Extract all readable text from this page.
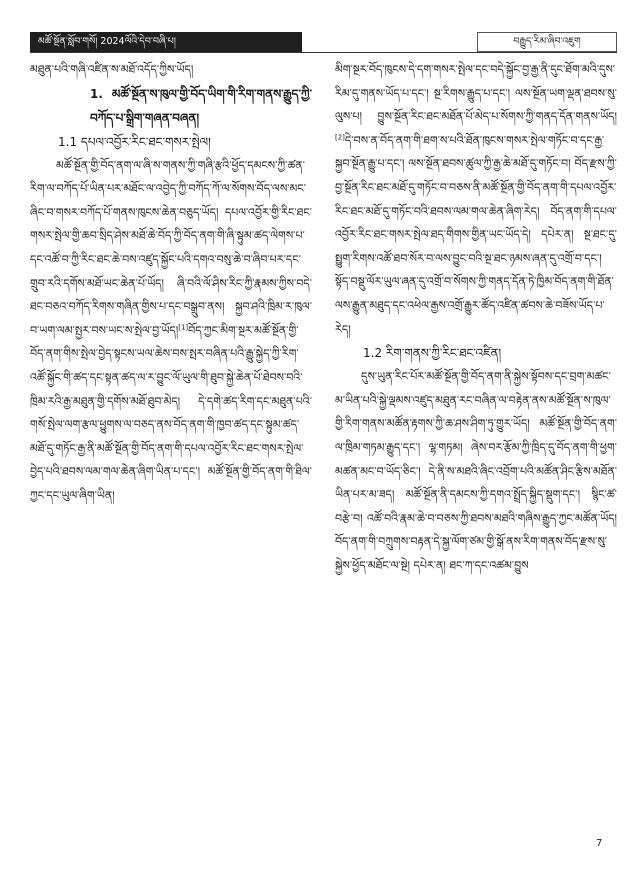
མཚོ་སྔོན་སློབ་གསོ། 2024ལོའི་དེབ་བཞི་པ།	བརྒྱུད་རིམ་ཞིབ་འཇུག

མཐུན་པའི་གཞི་འཛིན་ས་མཐོ་འདོད་ཀྱིས་ཡོད།

1. མཚོ་སྔོན་ས་ཁུལ་གྱི་བོད་ཡིག་གི་རིག་གནས་རྒྱུད་ཀྱི་བཀོད་པ་སྒྲིག་གཞན་བཞན།

1.1 དཔལ་འབྱོར་རིང་ཐང་གསར་སྤེལ།

མཚོ་སྔོན་གྱི་བོད་ནག་ལ་ཞི་ས་གནས་ཀྱི་གཞི་རྩའི་ཕྱོད་དམངས་ཀྱི་ཚན་རིག་ལ་བཀོད་པོ་ཡིན་པར་མཐོང་ལ་འབྱེད་ཀྱི་བཀོད་ཀོ་ལ་སོགས་བོད་ལས་མང་ཞིང་བ་གསར་བཀོད་པོ་གནས་ཁུངས་ཆེན་བཅུད་ཡོད། དཔལ་འབྱོར་གྱི་རིང་ཐང་གསར་སྤེལ་གྱི་ཆབ་སྲིད་ཤེས་མཐོ་ཆེ་བོད་ཀྱི་བོད་ནག་གི་ཞི་སྟུམ་ཚད་ལེགས་པ་དང་འཚོ་བ་ཀྱི་རིང་ཐང་ཆེ་བས་འཛུད་སྐྱོང་པའི་དགའ་བསུ་ཆེ་བ་ཞིབ་པར་དང་གྲུབ་རའི་དགོས་མཐོ་ཡང་ཆེན་པོ་ཡོད། ཞི་བའི་ལོ་ཤིས་རིང་ཀྱི་རྣམས་ཀྱིས་བདེ་ཐང་བཅའ་བཀོད་རིགས་གཞིན་གྱིས་པ་དང་བསྒྲུབ་ནས། སྐྱབ་ཤའི་ཁྲིམ་ར་ཁུལ་བ་ཡག་ལམ་སྤྱར་བས་ཡང་ས་སྤེལ་བྱ་ཡོད།[1]བོད་ཀྱང་མིག་སྔར་མཚོ་སྔོན་གྱི་བོད་ནག་གིས་སྤེལ་བྱེད་སྟངས་ཡལ་ཆེས་བས་སྤར་བཞིན་པའི་རྒྱུ་སྐྱེད་ཀྱི་རིག་འཚོ་སྐྱོང་གི་ཚད་དང་སྟན་ཚད་ལ་ར་བྱུང་ལོ་ཡུལ་གི་ཐུབ་སྐྱེ་ཆེན་པོ་ཐེབས་བའི་ཁྲིམ་རའི་རྒྱ་མཐུན་གྱི་དགོས་མཐོ་ཐུབ་མེད། དེ་དགེ་ཚད་རིག་དང་མཐུན་པའི་གསོ་སྤེལ་ལག་རྩལ་ཕྱུགས་ལ་བཅད་ནས་བོད་ནག་གི་ཁྱབ་ཚད་དང་སྟུམ་ཚད་མཐོ་དུ་གཏོང་རྒྱ་ནི་མཚོ་སྔོན་གྱི་བོད་ནག་གི་དཔལ་འབྱོར་རིང་ཐང་གསར་སྤེལ་བྱེད་པའི་ཐབས་ལམ་གལ་ཆེན་ཞིག་ཡིན་པ་དང་། མཚོ་སྔོན་གྱི་བོད་ནག་གི་ཐིལ་ཀྱང་དང་ཡུལ་ཞིག་ཡིན།

མིག་སྔར་བོད་ཁུངས་དེ་དག་གསར་སྤེལ་དང་བདེ་སྐྱོང་བྱ་རྒྱ་ནི་དུང་ཐོག་མའི་དུས་རིམ་དུ་གནས་ཡོད་པ་དང་། སྔ་རིགས་རྒྱུད་པ་དང་། ལས་སྔོན་ཡག་ལྡན་ཐབས་སུ་ལུས་པ། བྱུས་སྔོན་རིང་ཐང་མཐོན་པོ་མེད་པ་སོགས་ཀྱི་གནད་དོན་གནས་ཡོད།[2]དེ་བས་ན་བོད་ནག་གི་ཐག་ས་པའི་ཐོན་ཁུངས་གསར་སྤེལ་གཏོང་བ་དང་རྒྱ་སྐྱབ་སྔོན་རྒྱུ་པ་དང་། ལས་སྔོན་ཐབས་ཚུལ་ཀྱི་རྒྱ་ཆེ་མཐོ་དུ་གཏོང་བ། བོད་རྫས་ཀྱི་བྱ་སྔོན་རིང་ཐང་མཐོ་དུ་གཏོང་བ་བཅས་ནི་མཚོ་སྔོན་གྱི་བོད་ནག་གི་དཔལ་འབྱོར་རིང་ཐང་མཐོ་དུ་གཏོང་བའི་ཐབས་ལམ་གལ་ཆེན་ཞིག་རེད། བོད་ནག་གི་དཔལ་འབྱོར་རིང་ཐང་གསར་སྤེལ་ཐད་གིགས་གྱིན་ཡང་ཡོད་དེ། དཔེར་ན། སྔ་ཐང་དུ་སྤྱུག་རིགས་འཚོ་ཐབ་སོར་བ་ལས་བྱུང་བའི་སྔ་ཐང་ཉམས་ཞན་དུ་འགྲོ་བ་དང་། སྟོད་བསྡུ་ལོར་ཡུལ་ཞན་དུ་འགྲོ་བ་སོགས་ཀྱི་གནད་དོན་ཏེ་ཁྱིམ་བོད་ནག་གི་ཐོན་ལས་རྒྱུན་མཐུད་དང་འཕེལ་རྒྱས་འགྲོ་རྒྱུར་ཚོད་འཛིན་ཚབས་ཆེ་བཟོས་ཡོད་པ་རེད།

1.2 རིག་གནས་ཀྱི་རིང་ཐང་འཛིན།

དུས་ཡུན་རིང་པོར་མཚོ་སྔོན་གྱི་བོད་ནག་ནི་སྐྱེས་སྟོབས་དང་བྲག་མཚང་མ་ཡིན་པའི་སྐྱེ་ལྡམས་འཛུད་མཐུན་རང་བཞིན་ལ་བརྟེན་ནས་མཚོ་སྔོན་ས་ཁུལ་གྱི་རིག་གནས་མཚོན་རྟགས་ཀྱི་ཆ་ཤས་ཤིག་ཏུ་གྱུར་ཡོད། མཚོ་སྔོན་གྱི་བོད་ནག་ལ་ཁྲིམ་གཏམ་རྒྱུད་དང་། ལྷ་གཏམ། ཞེས་བར་རྩོམ་ཀྱི་ཁྲིད་དུ་བོད་ནག་གི་ཕྱག་མཚན་མང་བ་ཡོད་ཅིང་། དེ་ནི་ས་མཐའི་ཞིང་འབྲོག་པའི་མཚོན་ཤིང་རྩིས་མཐོན་ཡིན་པར་མ་ཟད། མཚོ་སྔོན་ནི་དམངས་ཀྱི་དགའ་སྤྲོད་སྐྱིད་སྡུག་དང་། སྙིང་ཚ་བརྩེ་བ། འཚོ་བའི་རྣམ་ཆེ་བ་བཅས་ཀྱི་ཐབས་མཐའི་གཞིས་རྒྱུད་ཀྱང་མཚོན་ཡོད། བོད་ནག་གི་བཀྲུགས་བརྟན་དེ་སྐྱ་ལོག་ཙམ་གྱི་སྒོ་ནས་རིག་གནས་བོད་རྫས་སུ་སྐྱེས་ཕྱོད་མཐོང་ལ་སྔེ། དཔེར་ན། ཐང་ཀ་དང་འཚམ་བྱུས

7
